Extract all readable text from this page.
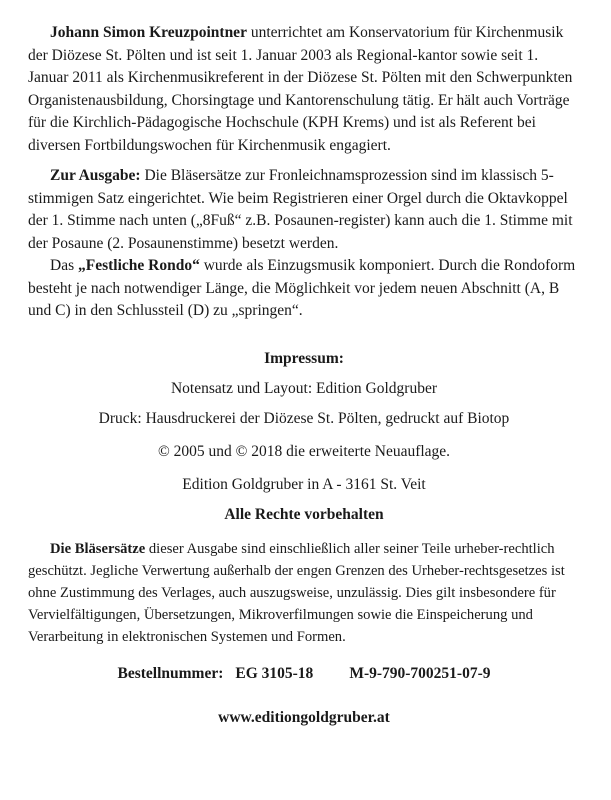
Johann Simon Kreuzpointner unterrichtet am Konservatorium für Kirchenmusik der Diözese St. Pölten und ist seit 1. Januar 2003 als Regional-kantor sowie seit 1. Januar 2011 als Kirchenmusikreferent in der Diözese St. Pölten mit den Schwerpunkten Organistenausbildung, Chorsingtage und Kantorenschulung tätig. Er hält auch Vorträge für die Kirchlich-Pädagogische Hochschule (KPH Krems) und ist als Referent bei diversen Fortbildungswochen für Kirchenmusik engagiert.

Zur Ausgabe: Die Bläsersätze zur Fronleichnamsprozession sind im klassisch 5-stimmigen Satz eingerichtet. Wie beim Registrieren einer Orgel durch die Oktavkoppel der 1. Stimme nach unten („8Fuß“ z.B. Posaunen-register) kann auch die 1. Stimme mit der Posaune (2. Posaunenstimme) besetzt werden.

Das „Festliche Rondo“ wurde als Einzugsmusik komponiert. Durch die Rondoform besteht je nach notwendiger Länge, die Möglichkeit vor jedem neuen Abschnitt (A, B und C) in den Schlussteil (D) zu „springen“.

Impressum:
Notensatz und Layout: Edition Goldgruber
Druck: Hausdruckerei der Diözese St. Pölten, gedruckt auf Biotop
© 2005 und © 2018 die erweiterte Neuauflage.
Edition Goldgruber in A - 3161 St. Veit
Alle Rechte vorbehalten

Die Bläsersätze dieser Ausgabe sind einschließlich aller seiner Teile urheber-rechtlich geschützt. Jegliche Verwertung außerhalb der engen Grenzen des Urheber-rechtsgesetzes ist ohne Zustimmung des Verlages, auch auszugsweise, unzulässig. Dies gilt insbesondere für Vervielfältigungen, Übersetzungen, Mikroverfilmungen sowie die Einspeicherung und Verarbeitung in elektronischen Systemen und Formen.

Bestellnummer: EG 3105-18 M-9-790-700251-07-9
www.editiongoldgruber.at
